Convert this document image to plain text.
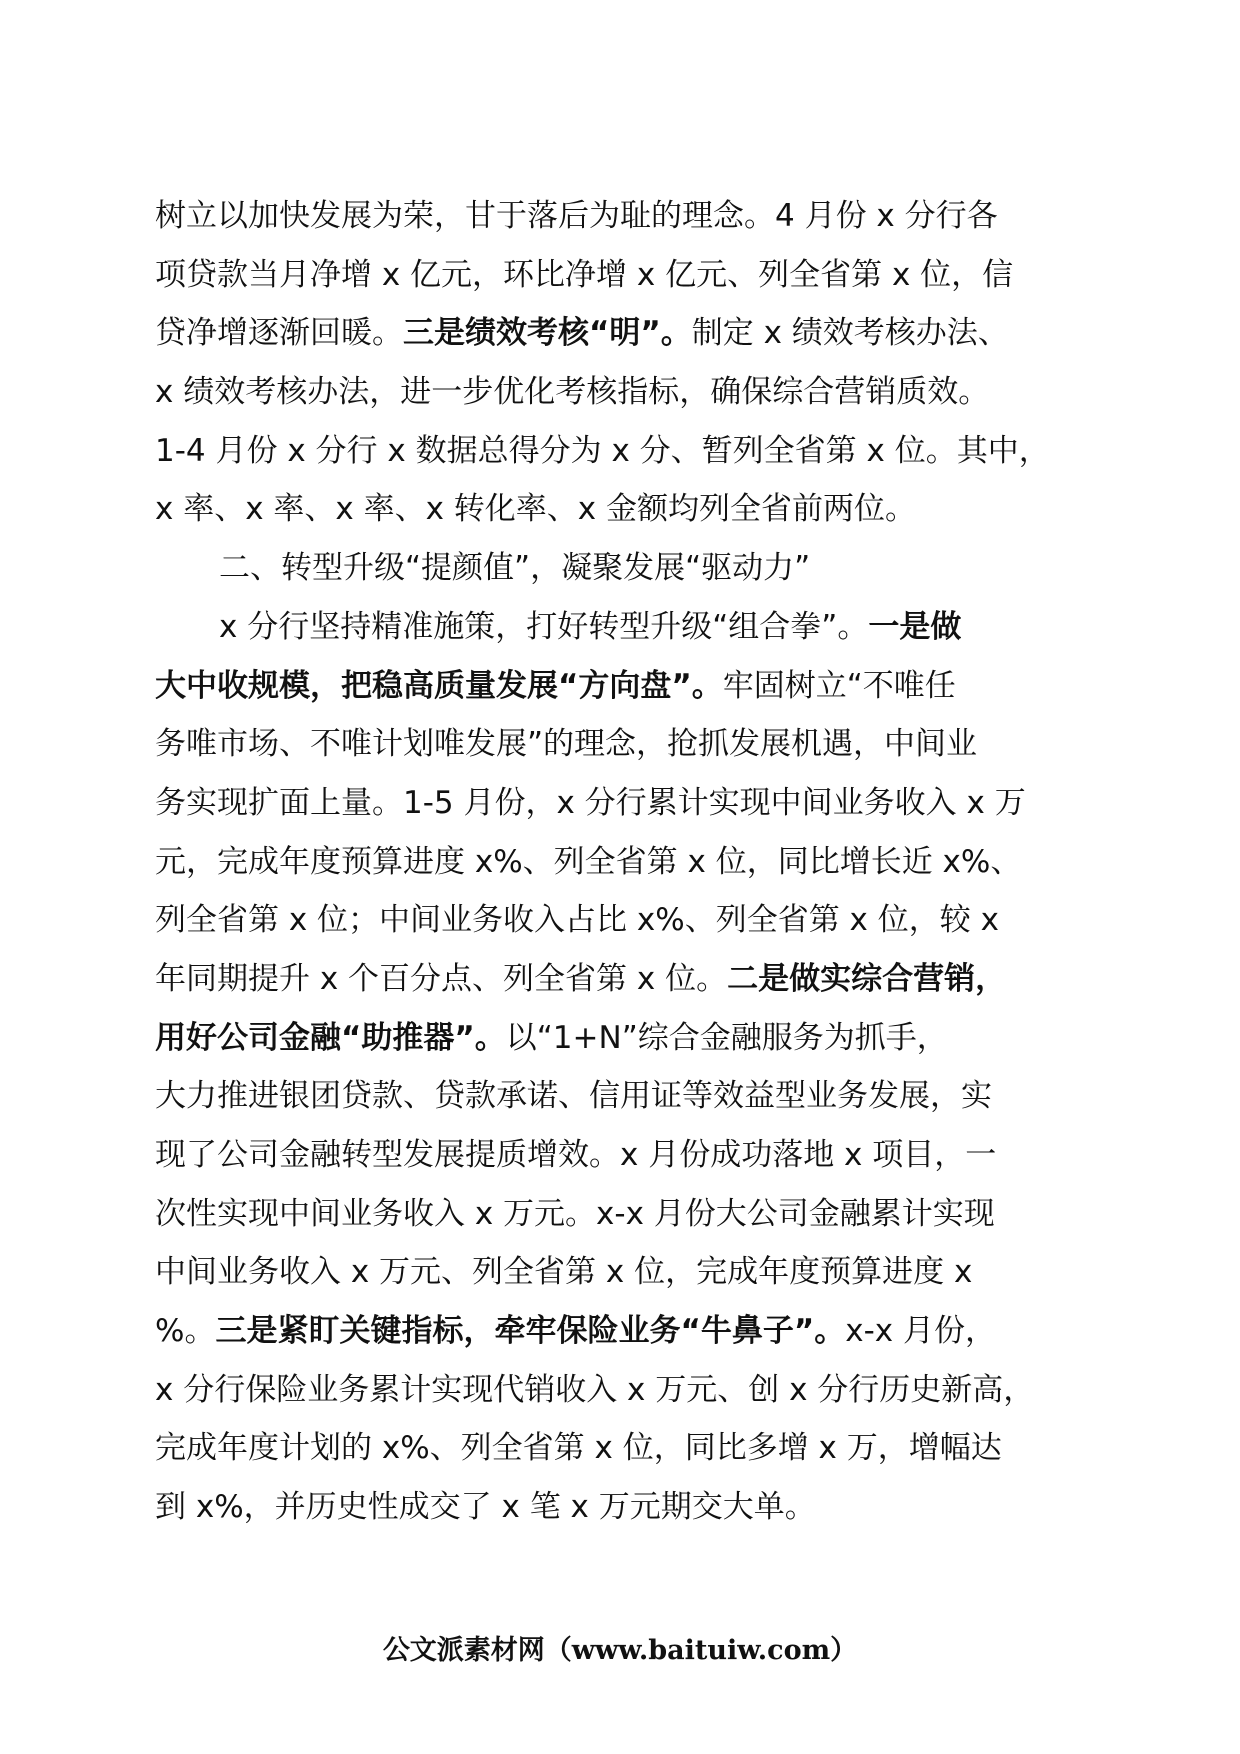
树立以加快发展为荣，甘于落后为耻的理念。4 月份 x 分行各
项贷款当月净增 x 亿元，环比净增 x 亿元、列全省第 x 位，信
贷净增逐渐回暖。三是绩效考核“明”。制定 x 绩效考核办法、
x 绩效考核办法，进一步优化考核指标，确保综合营销质效。
1-4 月份 x 分行 x 数据总得分为 x 分、暂列全省第 x 位。其中，
x 率、x 率、x 率、x 转化率、x 金额均列全省前两位。
二、转型升级“提颜值”，凝聚发展“驱动力”
x 分行坚持精准施策，打好转型升级“组合拳”。一是做
大中收规模，把稳高质量发展“方向盘”。牢固树立“不唯任
务唯市场、不唯计划唯发展”的理念，抢抓发展机遇，中间业
务实现扩面上量。1-5 月份，x 分行累计实现中间业务收入 x 万
元，完成年度预算进度 x%、列全省第 x 位，同比增长近 x%、
列全省第 x 位；中间业务收入占比 x%、列全省第 x 位，较 x
年同期提升 x 个百分点、列全省第 x 位。二是做实综合营销，
用好公司金融“助推器”。以“1+N”综合金融服务为抓手，
大力推进银团贷款、贷款承诺、信用证等效益型业务发展，实
现了公司金融转型发展提质增效。x 月份成功落地 x 项目，一
次性实现中间业务收入 x 万元。x-x 月份大公司金融累计实现
中间业务收入 x 万元、列全省第 x 位，完成年度预算进度 x
%。三是紧盯关键指标，牵牢保险业务“牛鼻子”。x-x 月份，
x 分行保险业务累计实现代销收入 x 万元、创 x 分行历史新高，
完成年度计划的 x%、列全省第 x 位，同比多增 x 万，增幅达
到 x%，并历史性成交了 x 笔 x 万元期交大单。
公文派素材网（www.baituiw.com）
